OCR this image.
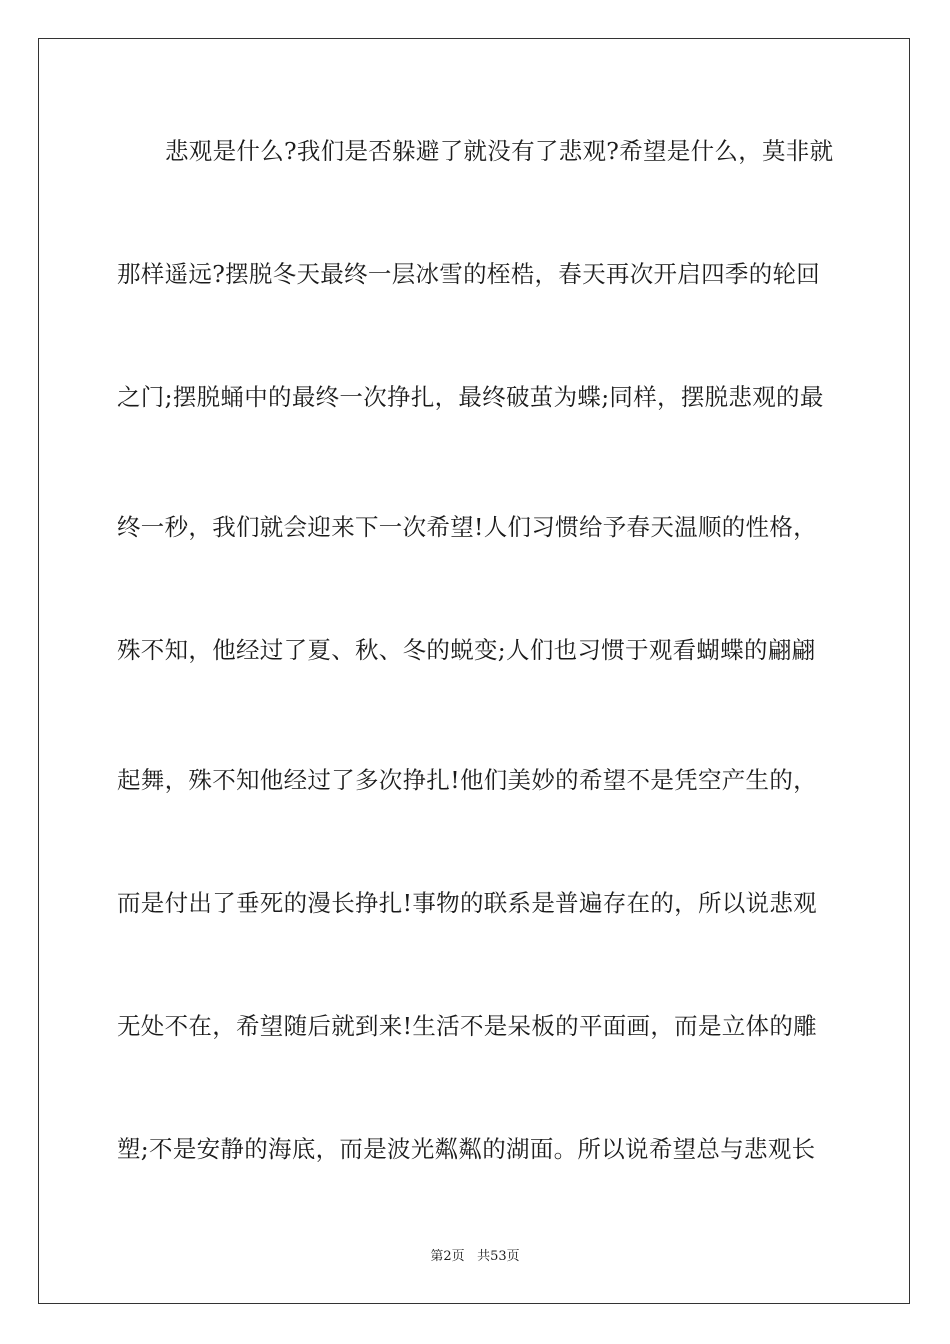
悲观是什么?我们是否躲避了就没有了悲观?希望是什么，莫非就
那样遥远?摆脱冬天最终一层冰雪的桎梏，春天再次开启四季的轮回
之门;摆脱蛹中的最终一次挣扎，最终破茧为蝶;同样，摆脱悲观的最
终一秒，我们就会迎来下一次希望!人们习惯给予春天温顺的性格，
殊不知，他经过了夏、秋、冬的蜕变;人们也习惯于观看蝴蝶的翩翩
起舞，殊不知他经过了多次挣扎!他们美妙的希望不是凭空产生的，
而是付出了垂死的漫长挣扎!事物的联系是普遍存在的，所以说悲观
无处不在，希望随后就到来!生活不是呆板的平面画，而是立体的雕
塑;不是安静的海底，而是波光粼粼的湖面。所以说希望总与悲观长
第2页 共53页
